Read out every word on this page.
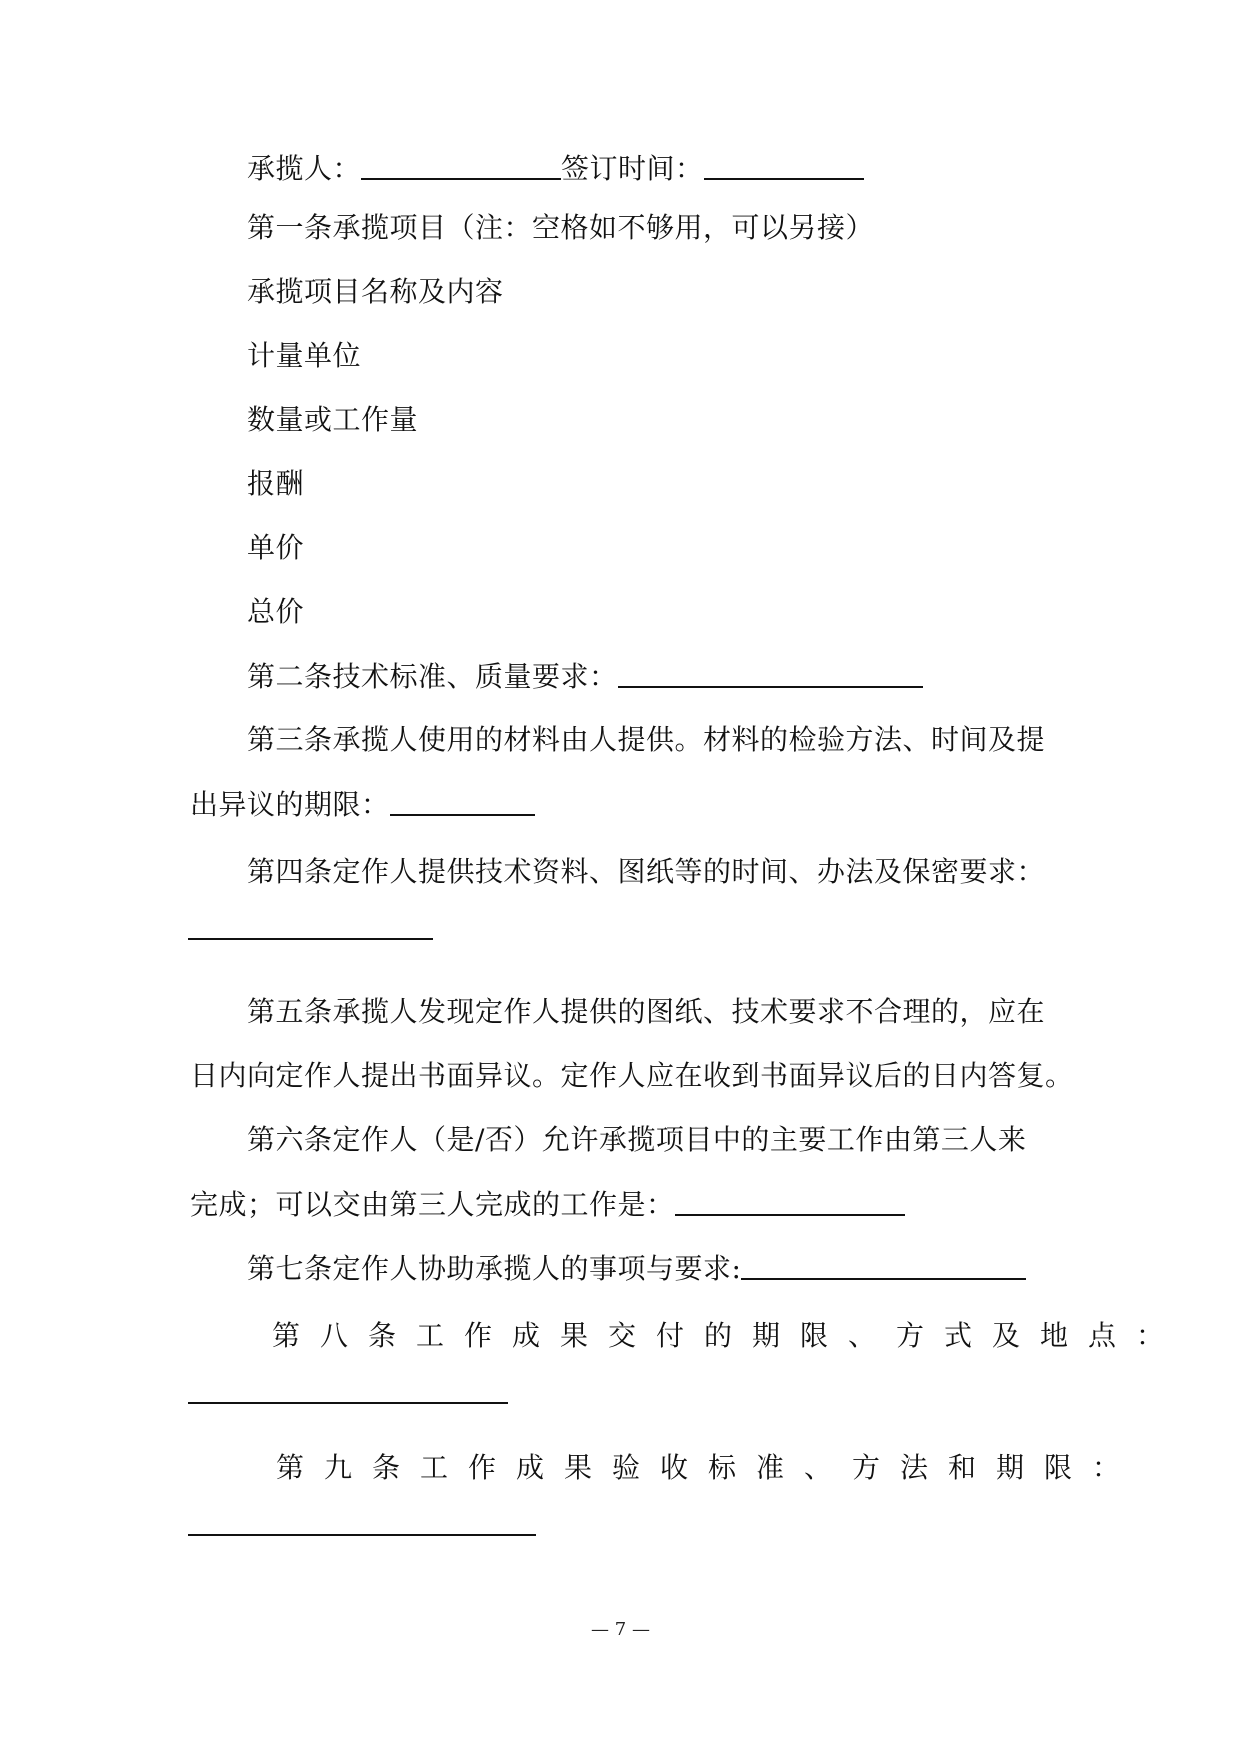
承揽人：	签订时间：
第一条承揽项目（注：空格如不够用，可以另接）
承揽项目名称及内容
计量单位
数量或工作量
报酬
单价
总价
第二条技术标准、质量要求：
第三条承揽人使用的材料由人提供。材料的检验方法、时间及提
出异议的期限：
第四条定作人提供技术资料、图纸等的时间、办法及保密要求：
第五条承揽人发现定作人提供的图纸、技术要求不合理的，应在
日内向定作人提出书面异议。定作人应在收到书面异议后的日内答复。
第六条定作人（是/否）允许承揽项目中的主要工作由第三人来
完成；可以交由第三人完成的工作是：
第七条定作人协助承揽人的事项与要求:
第八条工作成果交付的期限、方式及地点：
第九条工作成果验收标准、方法和期限：
— 7 —
